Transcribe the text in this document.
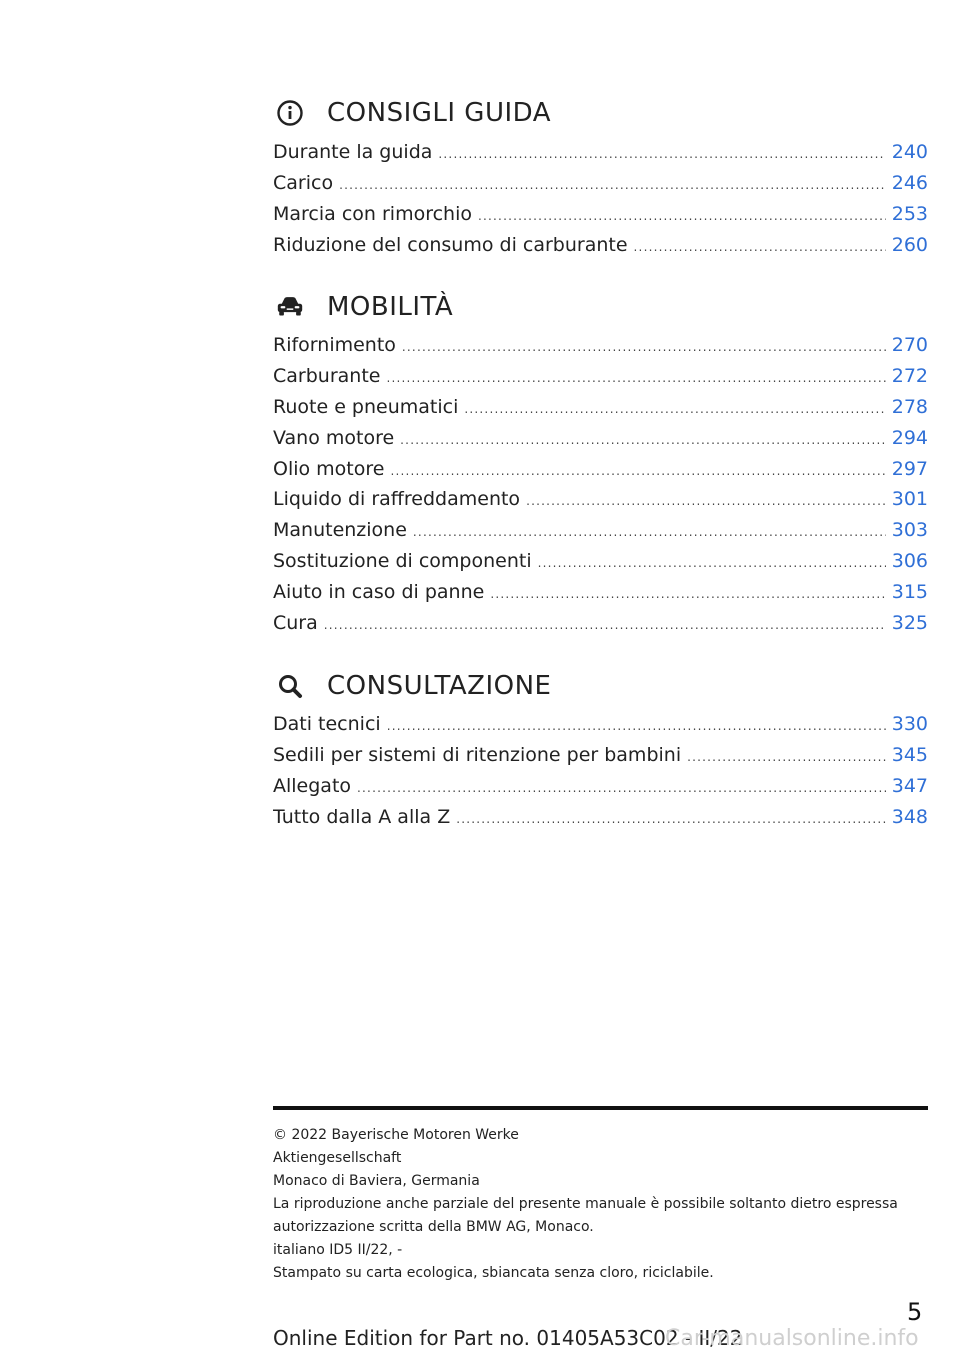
CONSIGLI GUIDA
Durante la guida .....	240
Carico .....	246
Marcia con rimorchio .....	253
Riduzione del consumo di carburante .....	260
MOBILITÀ
Rifornimento .....	270
Carburante .....	272
Ruote e pneumatici .....	278
Vano motore .....	294
Olio motore .....	297
Liquido di raffreddamento .....	301
Manutenzione .....	303
Sostituzione di componenti .....	306
Aiuto in caso di panne .....	315
Cura .....	325
CONSULTAZIONE
Dati tecnici .....	330
Sedili per sistemi di ritenzione per bambini .....	345
Allegato .....	347
Tutto dalla A alla Z .....	348
© 2022 Bayerische Motoren Werke
Aktiengesellschaft
Monaco di Baviera, Germania
La riproduzione anche parziale del presente manuale è possibile soltanto dietro espressa
autorizzazione scritta della BMW AG, Monaco.
italiano ID5 II/22, -
Stampato su carta ecologica, sbiancata senza cloro, riciclabile.
5
Online Edition for Part no. 01405A53C02 - II/22
Car-manualsonline.info
